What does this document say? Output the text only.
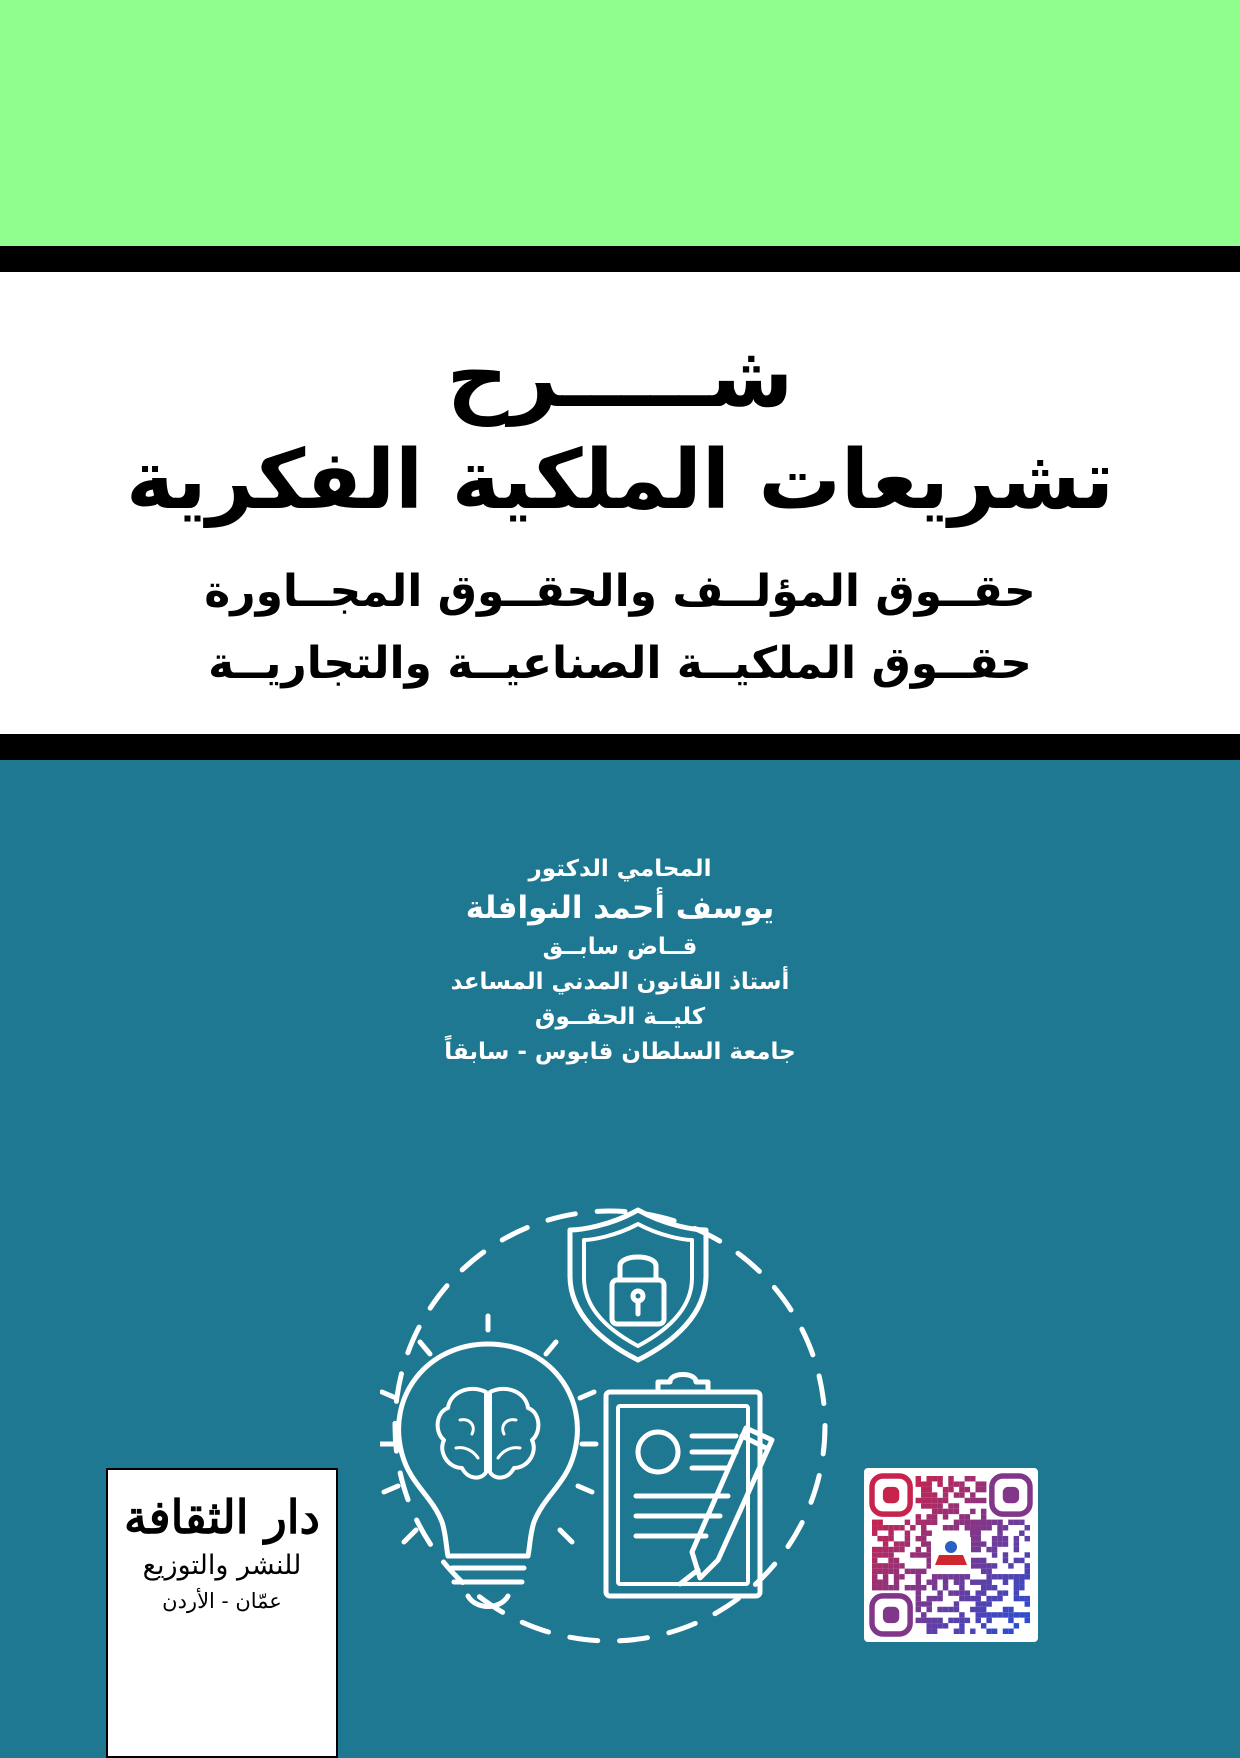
شـــــرح
تشريعات الملكية الفكرية
حقــوق المؤلــف والحقــوق المجــاورة
حقــوق الملكيــة الصناعيــة والتجاريــة
المحامي الدكتور
يوسف أحمد النوافلة
قــاض سابــق
أستاذ القانون المدني المساعد
كليــة الحقــوق
جامعة السلطان قابوس - سابقاً
دار الثقافة
للنشر والتوزيع
عمّان - الأردن
